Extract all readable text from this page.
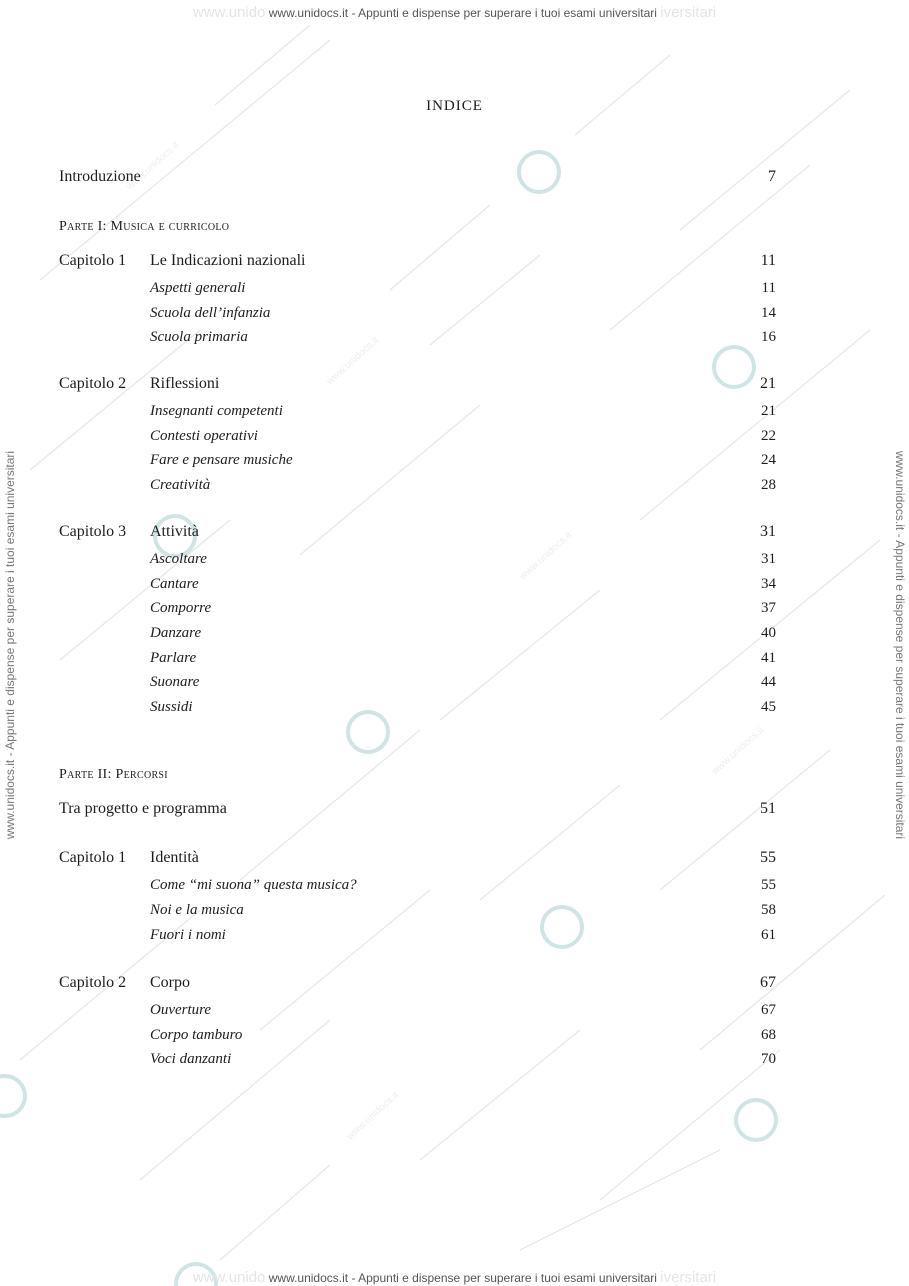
www.unidocs.it
www.unidocs.it
www.unidocs.it
www.unidocs.it
www.unidocs.it
www.unido www.unidocs.it - Appunti e dispense per superare i tuoi esami universitari iversitari
www.unidocs.it - Appunti e dispense per superare i tuoi esami universitari	www.unidocs.it - Appunti e dispense per superare i tuoi esami universitari
INDICE
Introduzione	7
Parte I: Musica e curricolo
Capitolo 1 Le Indicazioni nazionali	11
Aspetti generali	11
Scuola dell’infanzia	14
Scuola primaria	16
Capitolo 2 Riflessioni	21
Insegnanti competenti	21
Contesti operativi	22
Fare e pensare musiche	24
Creatività	28
Capitolo 3 Attività	31
Ascoltare	31
Cantare	34
Comporre	37
Danzare	40
Parlare	41
Suonare	44
Sussidi	45
Parte II: Percorsi
Tra progetto e programma	51
Capitolo 1 Identità	55
Come “mi suona” questa musica?	55
Noi e la musica	58
Fuori i nomi	61
Capitolo 2 Corpo	67
Ouverture	67
Corpo tamburo	68
Voci danzanti	70
www.unido www.unidocs.it - Appunti e dispense per superare i tuoi esami universitari iversitari
